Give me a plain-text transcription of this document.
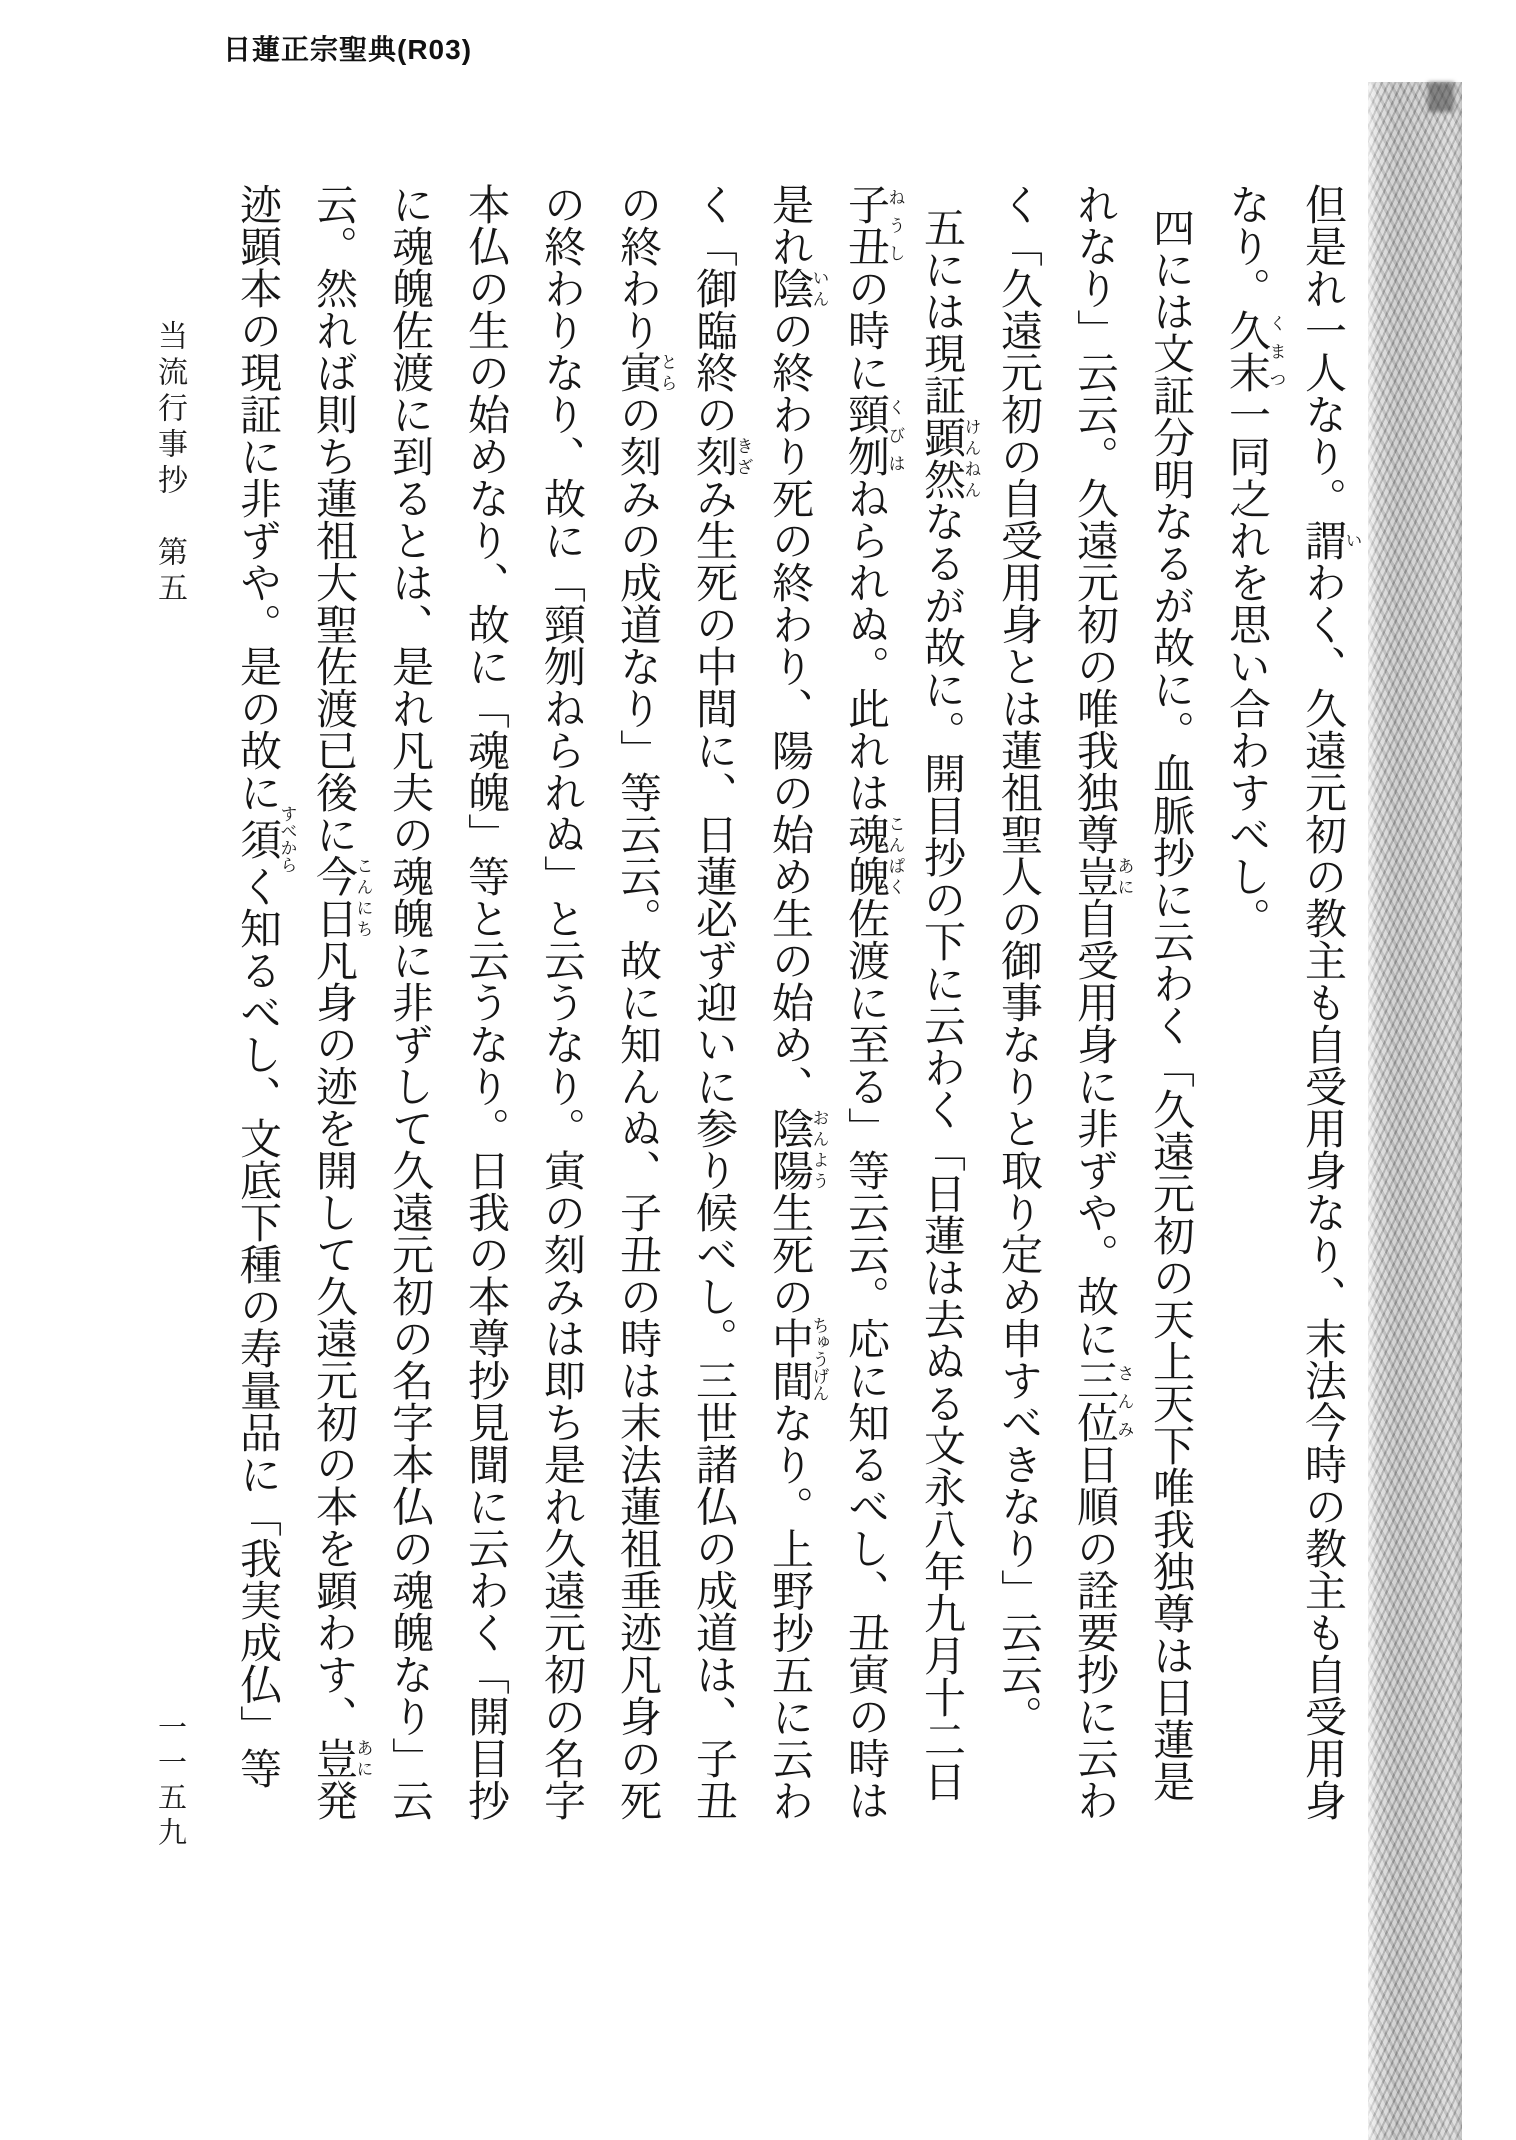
日蓮正宗聖典(R03)

但是れ一人なり。謂いわく、久遠元初の教主も自受用身なり、末法今時の教主も自受用身なり。久末くまつ一同之れを思い合わすべし。

四には文証分明なるが故に。血脈抄に云わく「久遠元初の天上天下唯我独尊は日蓮是れなり」云云。久遠元初の唯我独尊豈あに自受用身に非ずや。故に三位さんみ日順の詮要抄に云わく「久遠元初の自受用身とは蓮祖聖人の御事なりと取り定め申すべきなり」云云。

五には現証顕然けんねんなるが故に。開目抄の下に云わく「日蓮は去ぬる文永八年九月十二日子丑ねうしの時に頸刎くびはねられぬ。此れは魂魄こんぱく佐渡に至る」等云云。応に知るべし、丑寅の時は是れ陰いんの終わり死の終わり、陽の始め生の始め、陰陽おんよう生死の中間ちゅうげんなり。上野抄五に云わく「御臨終の刻きざみ生死の中間に、日蓮必ず迎いに参り候べし。三世諸仏の成道は、子丑の終わり寅とらの刻みの成道なり」等云云。故に知んぬ、子丑の時は末法蓮祖垂迹凡身の死の終わりなり、故に「頸刎ねられぬ」と云うなり。寅の刻みは即ち是れ久遠元初の名字本仏の生の始めなり、故に「魂魄」等と云うなり。日我の本尊抄見聞に云わく「開目抄に魂魄佐渡に到るとは、是れ凡夫の魂魄に非ずして久遠元初の名字本仏の魂魄なり」云云。然れば則ち蓮祖大聖佐渡已後に今日こんにち凡身の迹を開して久遠元初の本を顕わす、豈あに発迹顕本の現証に非ずや。是の故に須すべからく知るべし、文底下種の寿量品に「我実成仏」等

当流行事抄　第五
一一五九
